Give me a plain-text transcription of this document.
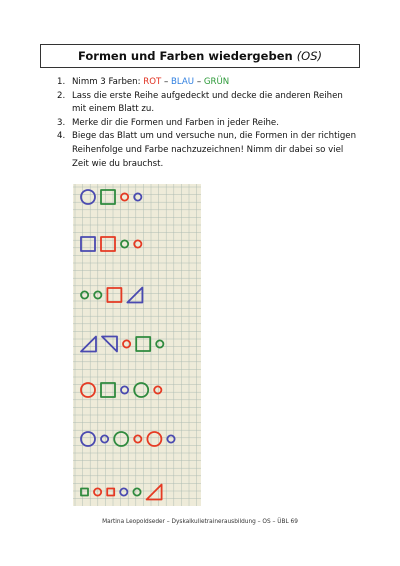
Formen und Farben wiedergeben (OS)
1. Nimm 3 Farben: ROT – BLAU – GRÜN
2. Lass die erste Reihe aufgedeckt und decke die anderen Reihen mit einem Blatt zu.
3. Merke dir die Formen und Farben in jeder Reihe.
4. Biege das Blatt um und versuche nun, die Formen in der richtigen Reihenfolge und Farbe nachzuzeichnen! Nimm dir dabei so viel Zeit wie du brauchst.
Martina Leopoldseder – Dyskalkulietrainerausbildung – OS – ÜBL 69
